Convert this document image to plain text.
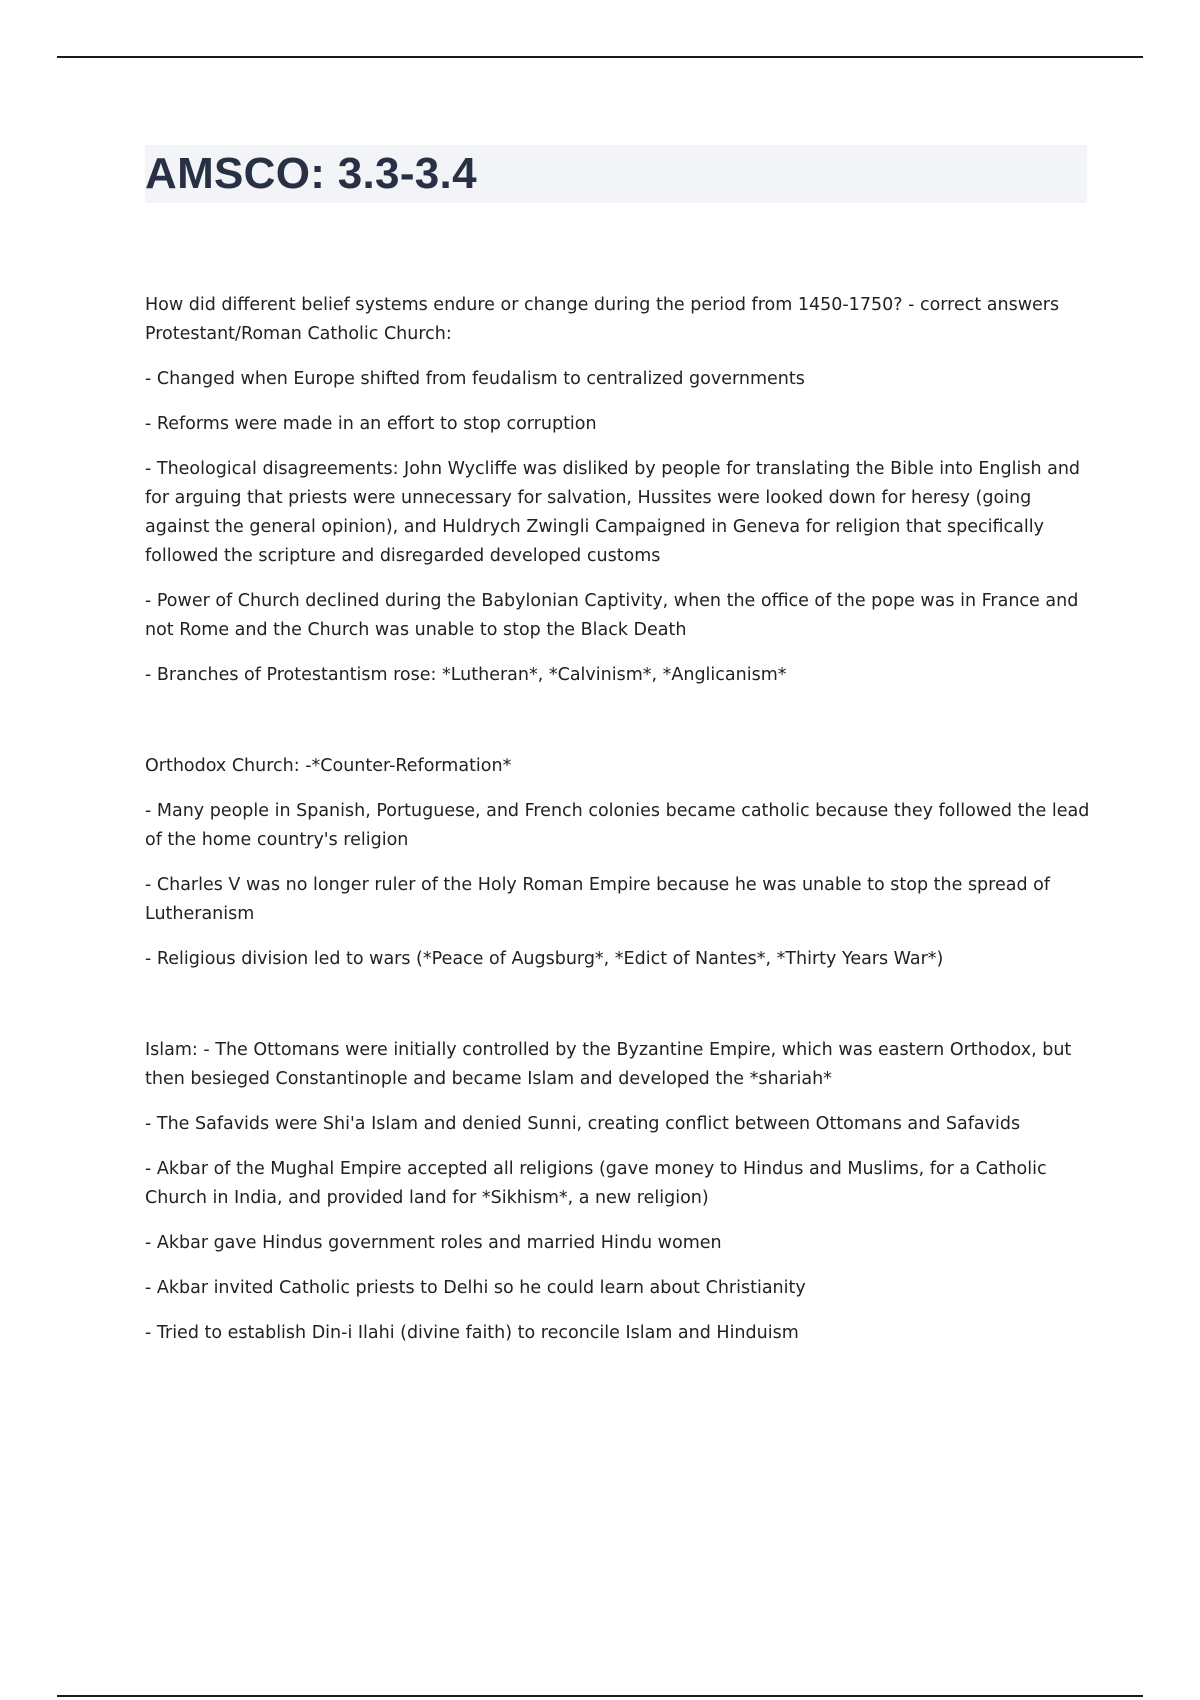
AMSCO: 3.3-3.4

How did different belief systems endure or change during the period from 1450-1750? - correct answers Protestant/Roman Catholic Church:

- Changed when Europe shifted from feudalism to centralized governments

- Reforms were made in an effort to stop corruption

- Theological disagreements: John Wycliffe was disliked by people for translating the Bible into English and for arguing that priests were unnecessary for salvation, Hussites were looked down for heresy (going against the general opinion), and Huldrych Zwingli Campaigned in Geneva for religion that specifically followed the scripture and disregarded developed customs

- Power of Church declined during the Babylonian Captivity, when the office of the pope was in France and not Rome and the Church was unable to stop the Black Death

- Branches of Protestantism rose: *Lutheran*, *Calvinism*, *Anglicanism*

Orthodox Church: -*Counter-Reformation*

- Many people in Spanish, Portuguese, and French colonies became catholic because they followed the lead of the home country's religion

- Charles V was no longer ruler of the Holy Roman Empire because he was unable to stop the spread of Lutheranism

- Religious division led to wars (*Peace of Augsburg*, *Edict of Nantes*, *Thirty Years War*)

Islam: - The Ottomans were initially controlled by the Byzantine Empire, which was eastern Orthodox, but then besieged Constantinople and became Islam and developed the *shariah*

- The Safavids were Shi'a Islam and denied Sunni, creating conflict between Ottomans and Safavids

- Akbar of the Mughal Empire accepted all religions (gave money to Hindus and Muslims, for a Catholic Church in India, and provided land for *Sikhism*, a new religion)

- Akbar gave Hindus government roles and married Hindu women

- Akbar invited Catholic priests to Delhi so he could learn about Christianity

- Tried to establish Din-i Ilahi (divine faith) to reconcile Islam and Hinduism
